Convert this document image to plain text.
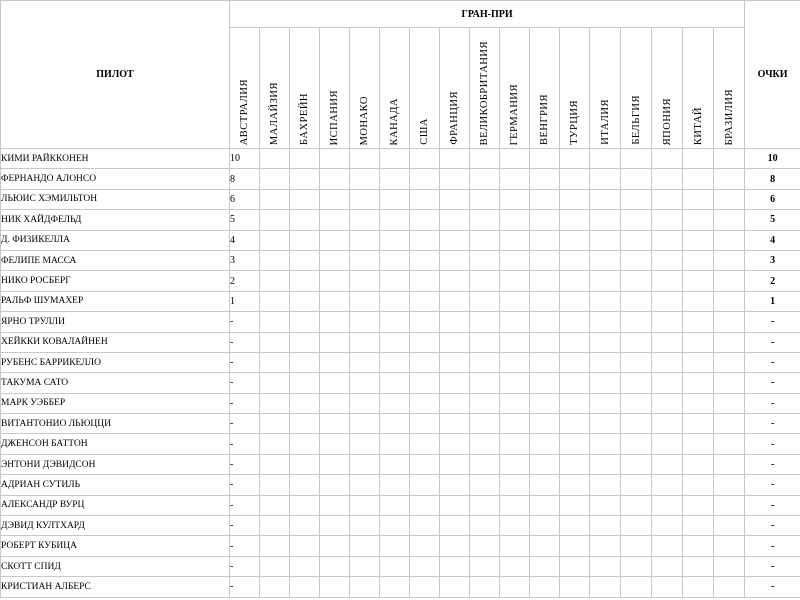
ПИЛОТ	ГРАН-ПРИ																	ОЧКИ
	АВСТРАЛИЯ	МАЛАЙЗИЯ	БАХРЕЙН	ИСПАНИЯ	МОНАКО	КАНАДА	США	ФРАНЦИЯ	ВЕЛИКОБРИТАНИЯ	ГЕРМАНИЯ	ВЕНГРИЯ	ТУРЦИЯ	ИТАЛИЯ	БЕЛЬГИЯ	ЯПОНИЯ	КИТАЙ	БРАЗИЛИЯ	
КИМИ РАЙККОНЕН	10																	10
ФЕРНАНДО АЛОНСО	8																	8
ЛЬЮИС ХЭМИЛЬТОН	6																	6
НИК ХАЙДФЕЛЬД	5																	5
Д. ФИЗИКЕЛЛА	4																	4
ФЕЛИПЕ МАССА	3																	3
НИКО РОСБЕРГ	2																	2
РАЛЬФ ШУМАХЕР	1																	1
ЯРНО ТРУЛЛИ	-																	-
ХЕЙККИ КОВАЛАЙНЕН	-																	-
РУБЕНС БАРРИКЕЛЛО	-																	-
ТАКУМА САТО	-																	-
МАРК УЭББЕР	-																	-
ВИТАНТОНИО ЛЬЮЦЦИ	-																	-
ДЖЕНСОН БАТТОН	-																	-
ЭНТОНИ ДЭВИДСОН	-																	-
АДРИАН СУТИЛЬ	-																	-
АЛЕКСАНДР ВУРЦ	-																	-
ДЭВИД КУЛТХАРД	-																	-
РОБЕРТ КУБИЦА	-																	-
СКОТТ СПИД	-																	-
КРИСТИАН АЛБЕРС	-																	-
